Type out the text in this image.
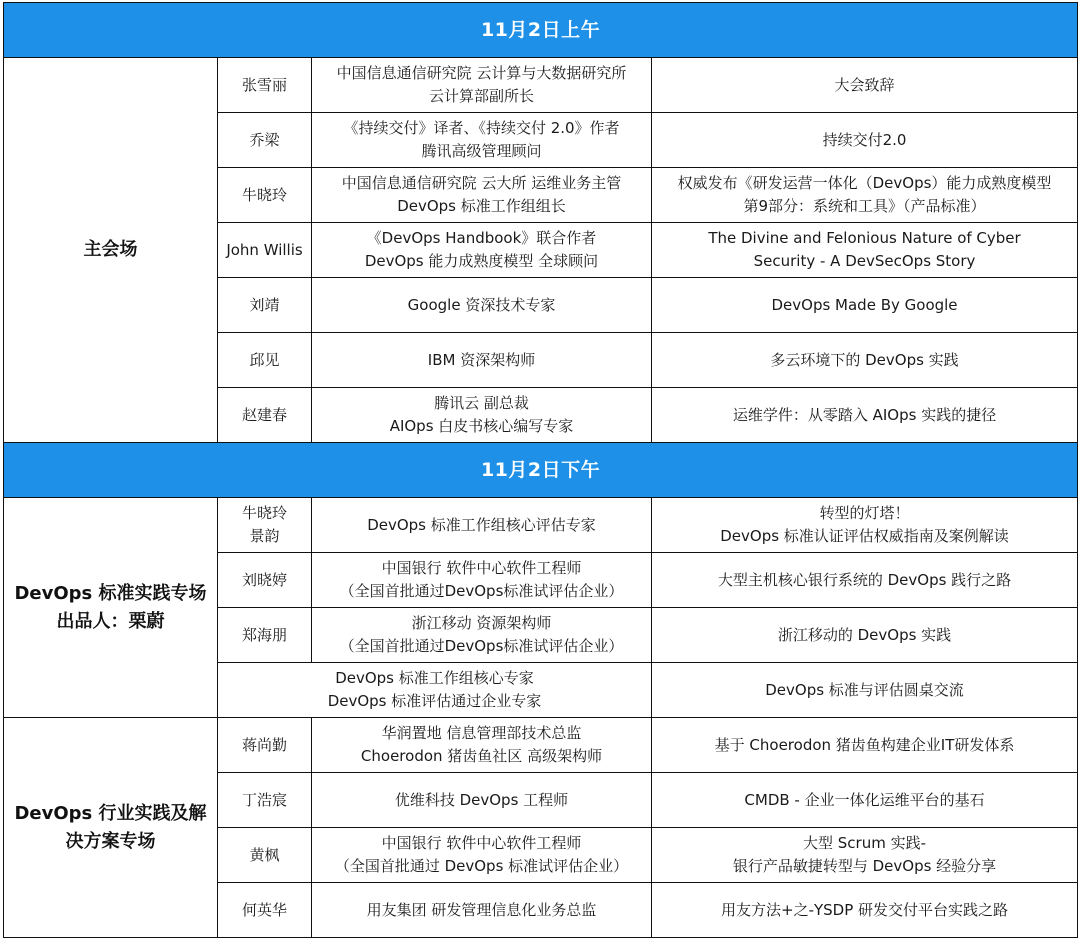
11月2日上午			

主会场	张雪丽	中国信息通信研究院 云计算与大数据研究所
云计算部副所长	大会致辞

	乔梁	《持续交付》译者、《持续交付 2.0》作者
腾讯高级管理顾问	持续交付2.0

	牛晓玲	中国信息通信研究院 云大所 运维业务主管
DevOps 标准工作组组长	权威发布《研发运营一体化（DevOps）能力成熟度模型
第9部分：系统和工具》（产品标准）

	John Willis	《DevOps Handbook》联合作者
DevOps 能力成熟度模型 全球顾问	The Divine and Felonious Nature of Cyber
Security - A DevSecOps Story

	刘靖	Google 资深技术专家	DevOps Made By Google

	邱见	IBM 资深架构师	多云环境下的 DevOps 实践

	赵建春	腾讯云 副总裁
AIOps 白皮书核心编写专家	运维学件：从零踏入 AIOps 实践的捷径

11月2日下午			

DevOps 标准实践专场
出品人：栗蔚	牛晓玲
景韵	DevOps 标准工作组核心评估专家	转型的灯塔！
DevOps 标准认证评估权威指南及案例解读

	刘晓婷	中国银行 软件中心软件工程师
（全国首批通过DevOps标准试评估企业）	大型主机核心银行系统的 DevOps 践行之路

	郑海朋	浙江移动 资源架构师
（全国首批通过DevOps标准试评估企业）	浙江移动的 DevOps 实践

	DevOps 标准工作组核心专家
DevOps 标准评估通过企业专家		DevOps 标准与评估圆桌交流

DevOps 行业实践及解
决方案专场	蒋尚勤	华润置地 信息管理部技术总监
Choerodon 猪齿鱼社区 高级架构师	基于 Choerodon 猪齿鱼构建企业IT研发体系

	丁浩宸	优维科技 DevOps 工程师	CMDB - 企业一体化运维平台的基石

	黄枫	中国银行 软件中心软件工程师
（全国首批通过 DevOps 标准试评估企业）	大型 Scrum 实践-
银行产品敏捷转型与 DevOps 经验分享

	何英华	用友集团 研发管理信息化业务总监	用友方法+之-YSDP 研发交付平台实践之路
